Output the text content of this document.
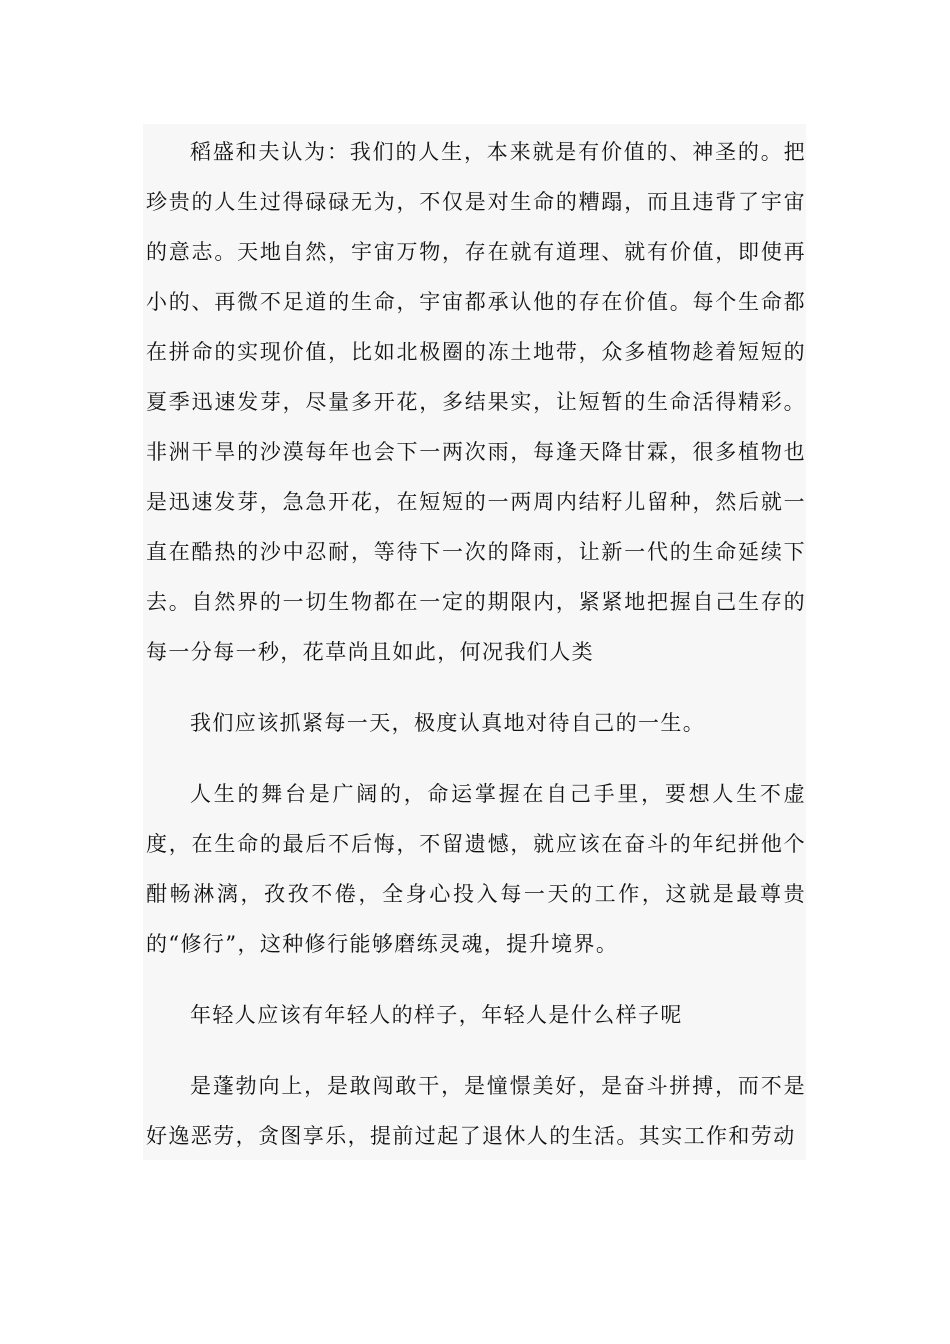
稻盛和夫认为：我们的人生，本来就是有价值的、神圣的。把珍贵的人生过得碌碌无为，不仅是对生命的糟蹋，而且违背了宇宙的意志。天地自然，宇宙万物，存在就有道理、就有价值，即使再小的、再微不足道的生命，宇宙都承认他的存在价值。每个生命都在拼命的实现价值，比如北极圈的冻土地带，众多植物趁着短短的夏季迅速发芽，尽量多开花，多结果实，让短暂的生命活得精彩。非洲干旱的沙漠每年也会下一两次雨，每逢天降甘霖，很多植物也是迅速发芽，急急开花，在短短的一两周内结籽儿留种，然后就一直在酷热的沙中忍耐，等待下一次的降雨，让新一代的生命延续下去。自然界的一切生物都在一定的期限内，紧紧地把握自己生存的每一分每一秒，花草尚且如此，何况我们人类

我们应该抓紧每一天，极度认真地对待自己的一生。

人生的舞台是广阔的，命运掌握在自己手里，要想人生不虚度，在生命的最后不后悔，不留遗憾，就应该在奋斗的年纪拼他个酣畅淋漓，孜孜不倦，全身心投入每一天的工作，这就是最尊贵的“修行”，这种修行能够磨练灵魂，提升境界。

年轻人应该有年轻人的样子，年轻人是什么样子呢

是蓬勃向上，是敢闯敢干，是憧憬美好，是奋斗拼搏，而不是好逸恶劳，贪图享乐，提前过起了退休人的生活。其实工作和劳动
